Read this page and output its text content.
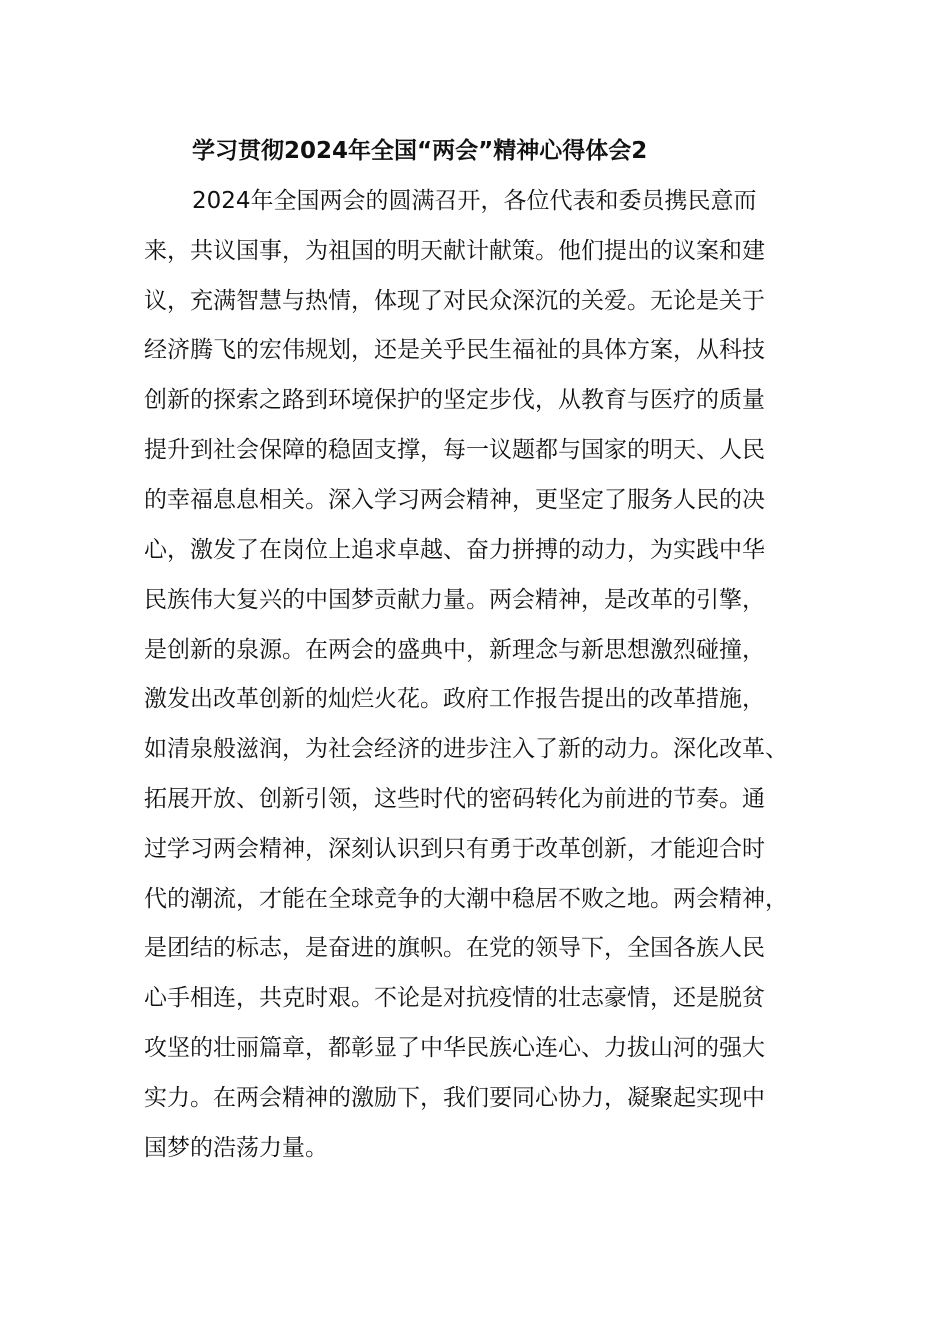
学习贯彻2024年全国“两会”精神心得体会2
2024年全国两会的圆满召开，各位代表和委员携民意而
来，共议国事，为祖国的明天献计献策。他们提出的议案和建
议，充满智慧与热情，体现了对民众深沉的关爱。无论是关于
经济腾飞的宏伟规划，还是关乎民生福祉的具体方案，从科技
创新的探索之路到环境保护的坚定步伐，从教育与医疗的质量
提升到社会保障的稳固支撑，每一议题都与国家的明天、人民
的幸福息息相关。深入学习两会精神，更坚定了服务人民的决
心，激发了在岗位上追求卓越、奋力拼搏的动力，为实践中华
民族伟大复兴的中国梦贡献力量。两会精神，是改革的引擎，
是创新的泉源。在两会的盛典中，新理念与新思想激烈碰撞，
激发出改革创新的灿烂火花。政府工作报告提出的改革措施，
如清泉般滋润，为社会经济的进步注入了新的动力。深化改革、
拓展开放、创新引领，这些时代的密码转化为前进的节奏。通
过学习两会精神，深刻认识到只有勇于改革创新，才能迎合时
代的潮流，才能在全球竞争的大潮中稳居不败之地。两会精神，
是团结的标志，是奋进的旗帜。在党的领导下，全国各族人民
心手相连，共克时艰。不论是对抗疫情的壮志豪情，还是脱贫
攻坚的壮丽篇章，都彰显了中华民族心连心、力拔山河的强大
实力。在两会精神的激励下，我们要同心协力，凝聚起实现中
国梦的浩荡力量。
